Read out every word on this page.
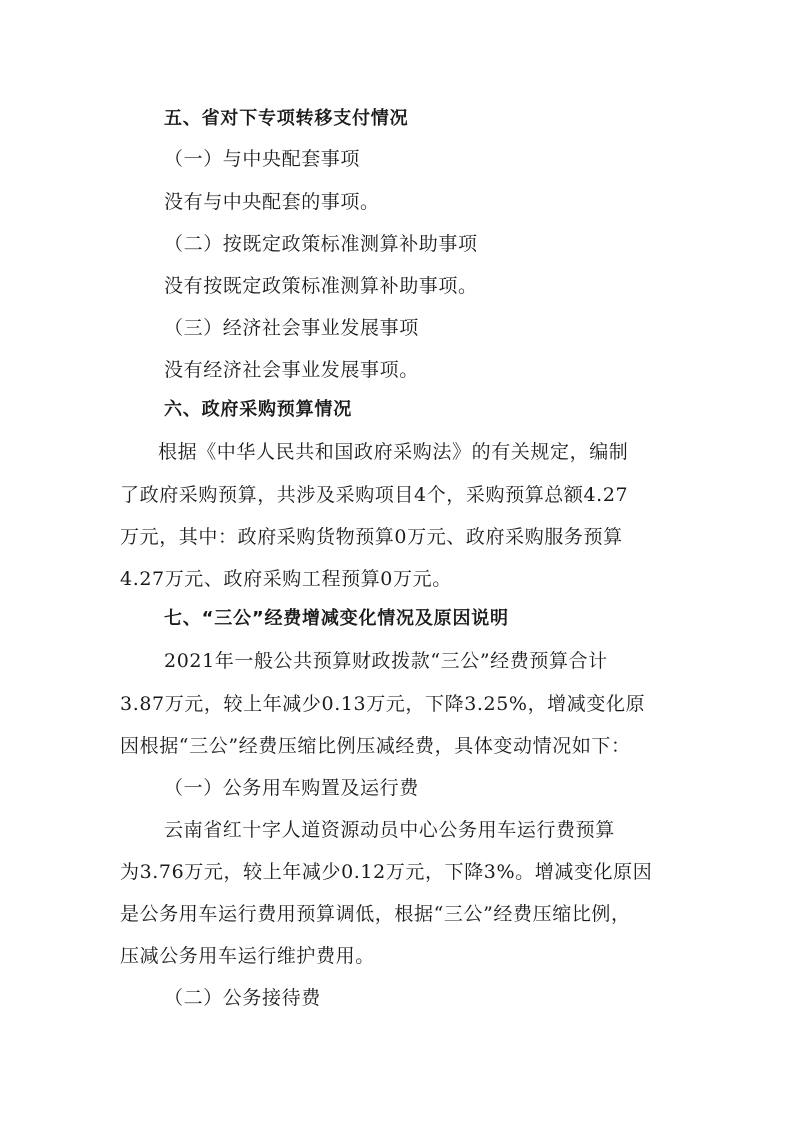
五、省对下专项转移支付情况
（一）与中央配套事项
没有与中央配套的事项。
（二）按既定政策标准测算补助事项
没有按既定政策标准测算补助事项。
（三）经济社会事业发展事项
没有经济社会事业发展事项。
六、政府采购预算情况
根据《中华人民共和国政府采购法》的有关规定，编制
了政府采购预算，共涉及采购项目4个，采购预算总额4.27
万元，其中：政府采购货物预算0万元、政府采购服务预算
4.27万元、政府采购工程预算0万元。
七、“三公”经费增减变化情况及原因说明
2021年一般公共预算财政拨款“三公”经费预算合计
3.87万元，较上年减少0.13万元，下降3.25%，增减变化原
因根据“三公”经费压缩比例压减经费，具体变动情况如下：
（一）公务用车购置及运行费
云南省红十字人道资源动员中心公务用车运行费预算
为3.76万元，较上年减少0.12万元，下降3%。增减变化原因
是公务用车运行费用预算调低，根据“三公”经费压缩比例，
压减公务用车运行维护费用。
（二）公务接待费
